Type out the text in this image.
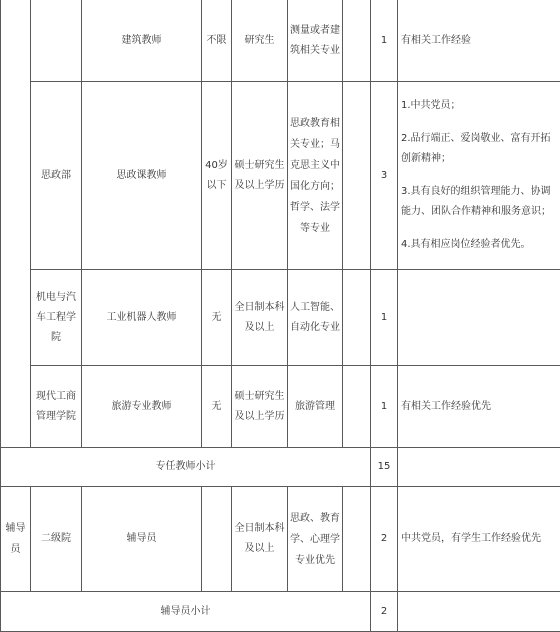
		建筑教师	不限	研究生	测量或者建筑相关专业		1	有相关工作经验
	思政部	思政课教师	40岁以下	硕士研究生及以上学历	思政教育相关专业；马克思主义中国化方向；哲学、法学等专业		3	1.中共党员；

2.品行端正、爱岗敬业、富有开拓创新精神；

3.具有良好的组织管理能力、协调能力、团队合作精神和服务意识；

4.具有相应岗位经验者优先。

	机电与汽车工程学院	工业机器人教师	无	全日制本科及以上	人工智能、自动化专业		1	
	现代工商管理学院	旅游专业教师	无	硕士研究生及以上学历	旅游管理		1	有相关工作经验优先
专任教师小计							15	
辅导员	二级院	辅导员		全日制本科及以上	思政、教育学、心理学专业优先		2	中共党员，有学生工作经验优先
辅导员小计							2	
